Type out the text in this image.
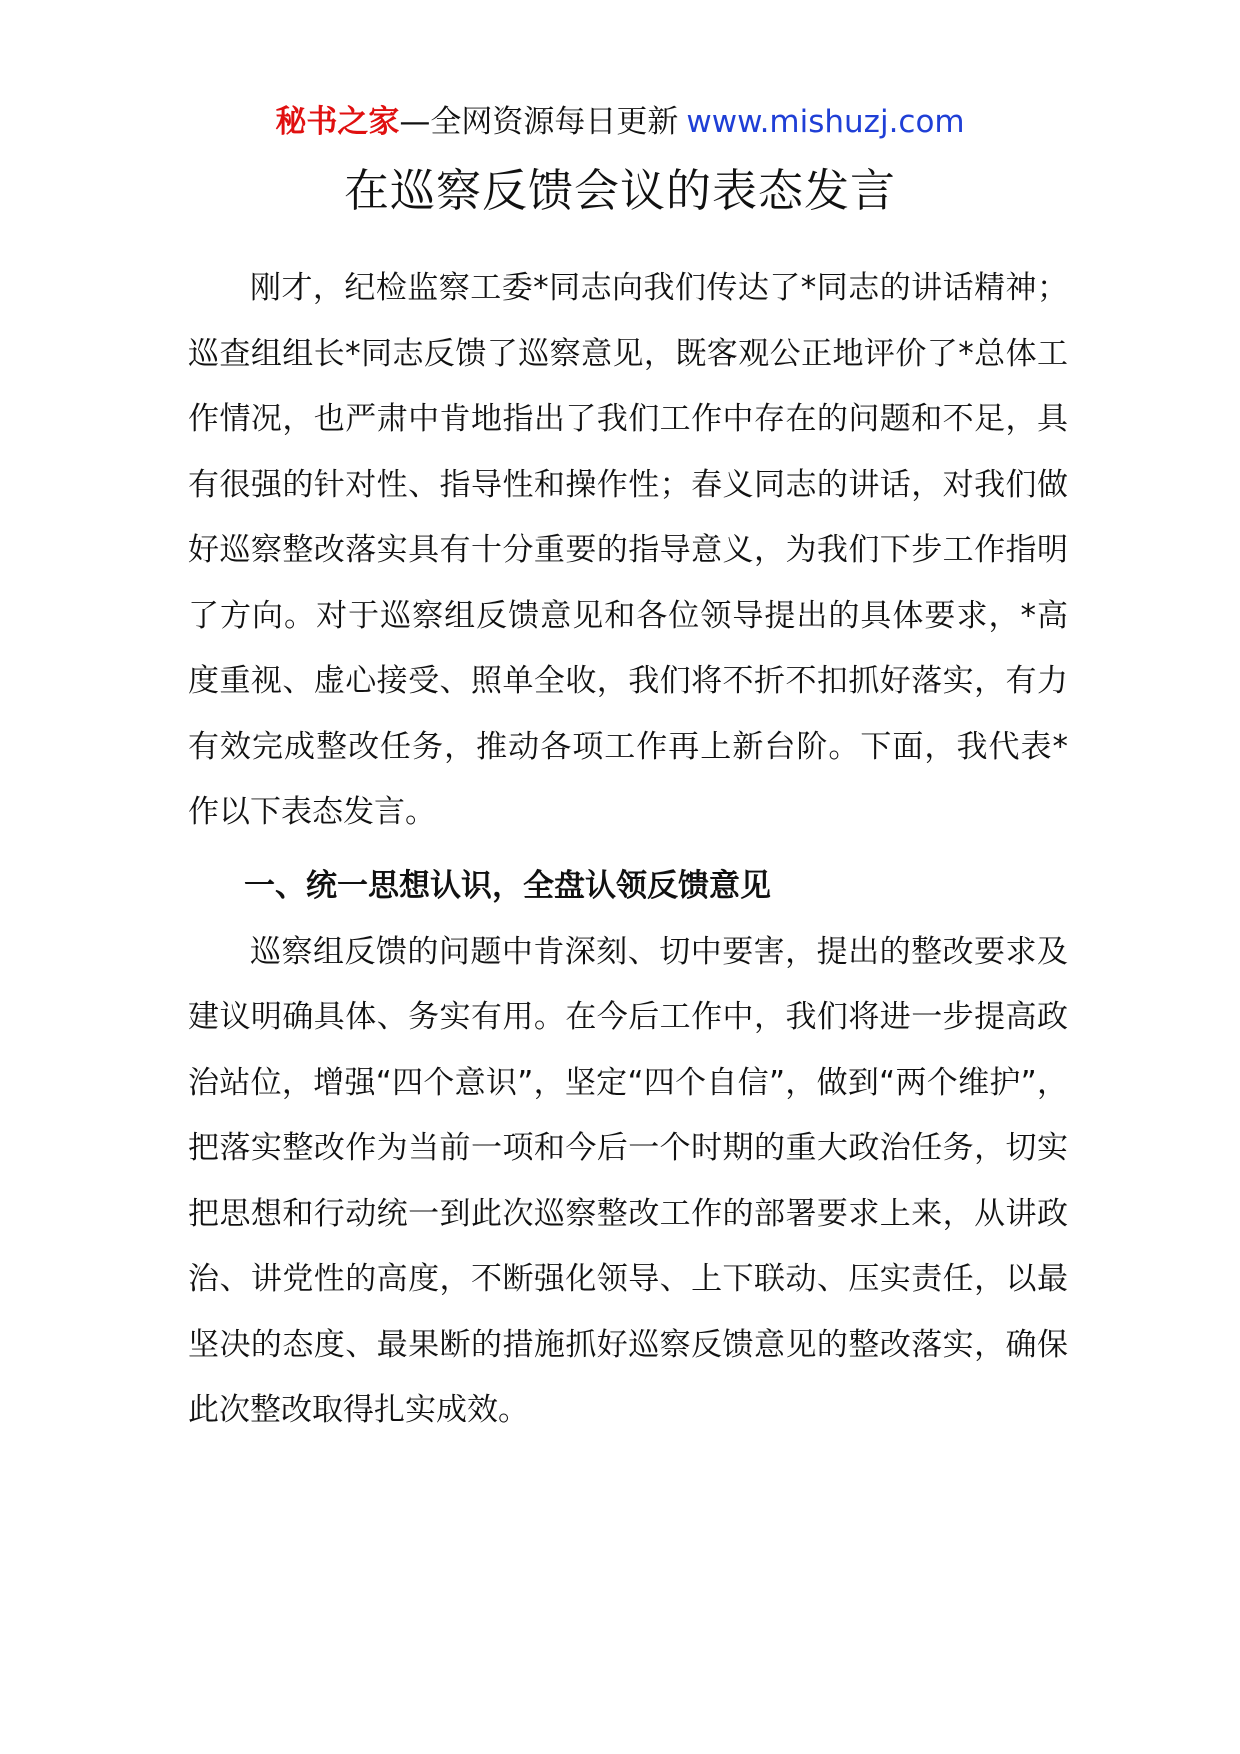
秘书之家—全网资源每日更新 www.mishuzj.com
在巡察反馈会议的表态发言

刚才，纪检监察工委*同志向我们传达了*同志的讲话精神；巡查组组长*同志反馈了巡察意见，既客观公正地评价了*总体工作情况，也严肃中肯地指出了我们工作中存在的问题和不足，具有很强的针对性、指导性和操作性；春义同志的讲话，对我们做好巡察整改落实具有十分重要的指导意义，为我们下步工作指明了方向。对于巡察组反馈意见和各位领导提出的具体要求，*高度重视、虚心接受、照单全收，我们将不折不扣抓好落实，有力有效完成整改任务，推动各项工作再上新台阶。下面，我代表*作以下表态发言。

一、统一思想认识，全盘认领反馈意见

巡察组反馈的问题中肯深刻、切中要害，提出的整改要求及建议明确具体、务实有用。在今后工作中，我们将进一步提高政治站位，增强“四个意识”，坚定“四个自信”，做到“两个维护”，把落实整改作为当前一项和今后一个时期的重大政治任务，切实把思想和行动统一到此次巡察整改工作的部署要求上来，从讲政治、讲党性的高度，不断强化领导、上下联动、压实责任，以最坚决的态度、最果断的措施抓好巡察反馈意见的整改落实，确保此次整改取得扎实成效。
